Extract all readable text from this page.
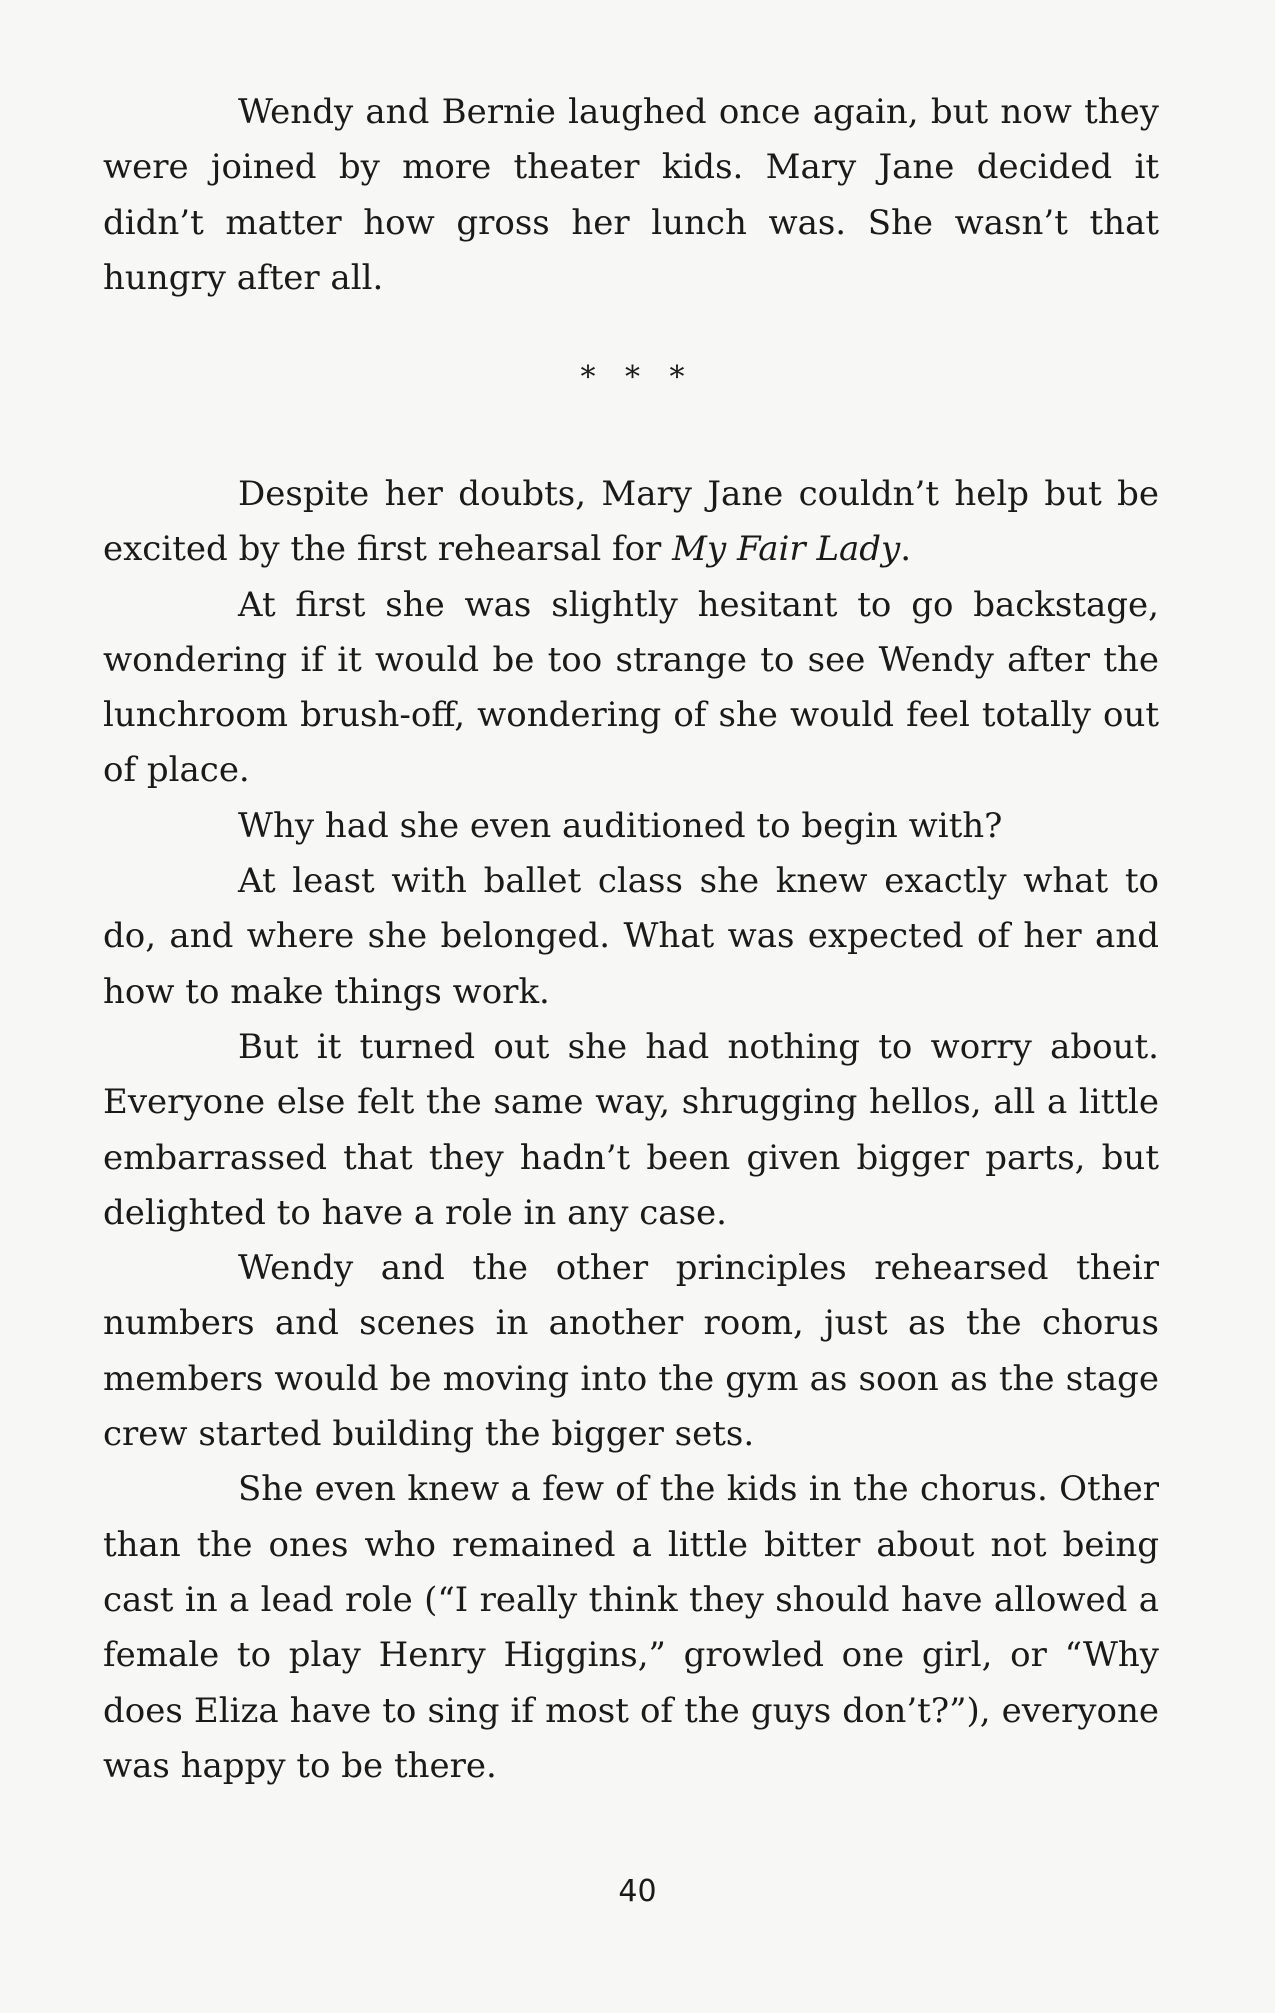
Wendy and Bernie laughed once again, but now they were joined by more theater kids. Mary Jane decided it didn’t matter how gross her lunch was. She wasn’t that hungry after all.

* * *

Despite her doubts, Mary Jane couldn’t help but be excited by the first rehearsal for My Fair Lady.

At first she was slightly hesitant to go backstage, wondering if it would be too strange to see Wendy after the lunchroom brush-off, wondering of she would feel totally out of place.

Why had she even auditioned to begin with?

At least with ballet class she knew exactly what to do, and where she belonged. What was expected of her and how to make things work.

But it turned out she had nothing to worry about. Everyone else felt the same way, shrugging hellos, all a little embarrassed that they hadn’t been given bigger parts, but delighted to have a role in any case.

Wendy and the other principles rehearsed their numbers and scenes in another room, just as the chorus members would be moving into the gym as soon as the stage crew started building the bigger sets.

She even knew a few of the kids in the chorus. Other than the ones who remained a little bitter about not being cast in a lead role (“I really think they should have allowed a female to play Henry Higgins,” growled one girl, or “Why does Eliza have to sing if most of the guys don’t?”), everyone was happy to be there.

40
